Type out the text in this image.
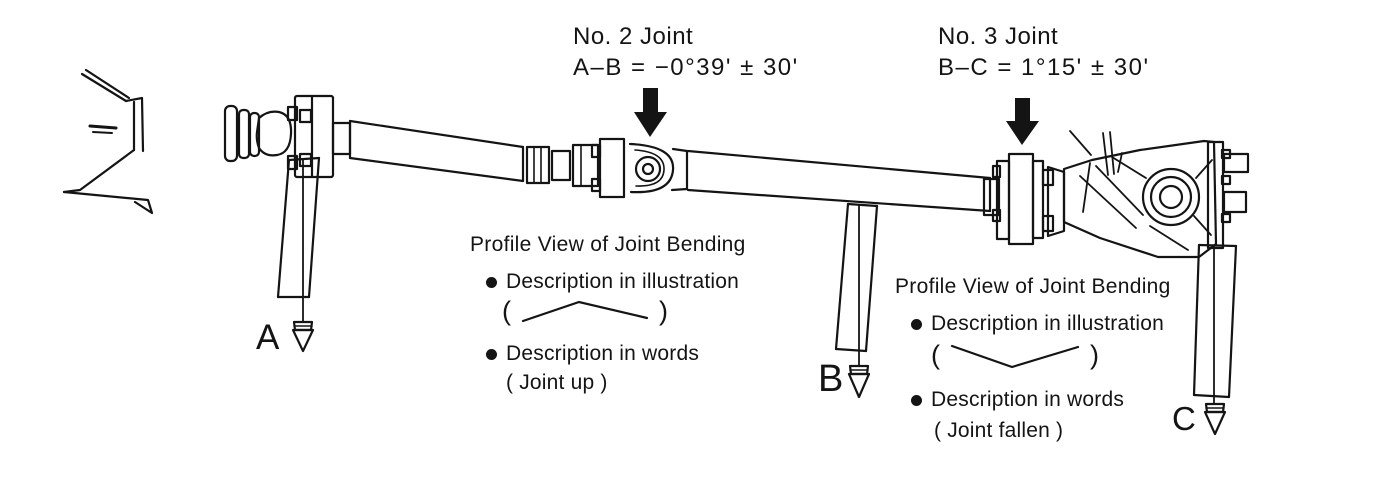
No. 2 Joint
A–B = −0°39' ± 30'
No. 3 Joint
B–C = 1°15' ± 30'
Profile View of Joint Bending
Description in illustration
(	)
Description in words
( Joint up )
Profile View of Joint Bending
Description in illustration
(	)
Description in words
( Joint fallen )
A
B
C
